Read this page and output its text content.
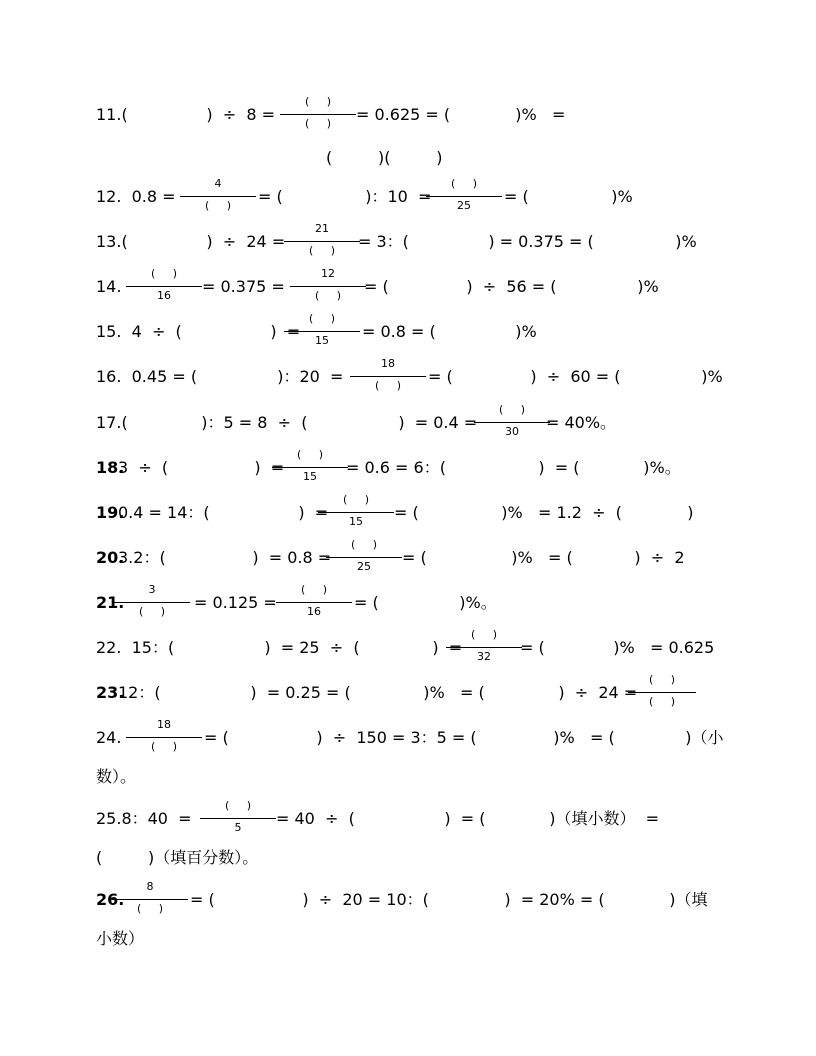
11.(	)  ÷  8 =
(     )
(     )	= 0.625 = (	)%   =
(         )(         )
12.  0.8 =
4
(     )	= (	)：10  =
(     )
25	= (	)%
13.(	)  ÷  24 =
21
(     )	= 3：(	) = 0.375 = (	)%
14.
(     )
16	= 0.375 =
12
(     )	= (	)  ÷  56 = (	)%
15.  4  ÷  (	)  =
(     )
15	= 0.8 = (	)%
16.  0.45 = (	)：20  =
18
(     )	= (	)  ÷  60 = (	)%
17.(	)：5 = 8  ÷  (	)  = 0.4 =
(     )
30	= 40%。
18.
3  ÷  (	)  =
(     )
15	= 0.6 = 6：(	)  = (	)%。
19.
0.4 = 14：(	)  =
(     )
15	= (	)%   = 1.2  ÷  (	)
20.
3.2：(	)  = 0.8 =
(     )
25	= (	)%   = (	)  ÷  2
21.
3
(     )	= 0.125 =
(     )
16	= (	)%。
22.  15：(	)  = 25  ÷  (	)  =
(     )
32	= (	)%   = 0.625
23.
12：(	)  = 0.25 = (	)%   = (	)  ÷  24 =
(     )
(     )
24.
18
(     )	= (	)  ÷  150 = 3：5 = (	)%   = (	)（小
数）。
25.8：40  =
(     )
5	= 40  ÷  (	)  = (	)（填小数）  =
(         )（填百分数）。
26.
8
(     )	= (	)  ÷  20 = 10：(	)  = 20% = (	)（填
小数）
